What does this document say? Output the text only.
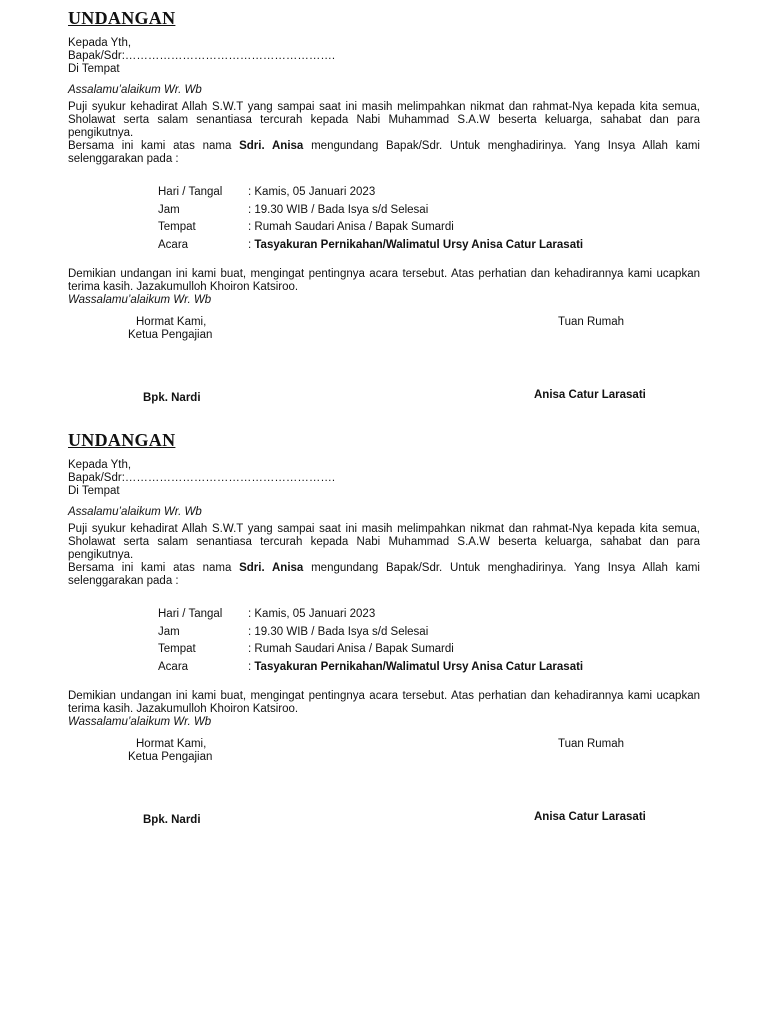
UNDANGAN
Kepada Yth,
Bapak/Sdr:……………………………………………….
Di Tempat
Assalamu’alaikum Wr. Wb

Puji syukur kehadirat Allah S.W.T yang sampai saat ini masih melimpahkan nikmat dan rahmat-Nya kepada kita semua, Sholawat serta salam senantiasa tercurah kepada Nabi Muhammad S.A.W beserta keluarga, sahabat dan para pengikutnya.

Bersama ini kami atas nama Sdri. Anisa mengundang Bapak/Sdr. Untuk menghadirinya. Yang Insya Allah kami selenggarakan pada :

Hari / Tangal : Kamis, 05 Januari 2023
Jam	: 19.30 WIB / Bada Isya s/d Selesai
Tempat	: Rumah Saudari Anisa / Bapak Sumardi
Acara	: Tasyakuran Pernikahan/Walimatul Ursy Anisa Catur Larasati
Demikian undangan ini kami buat, mengingat pentingnya acara tersebut. Atas perhatian dan kehadirannya kami ucapkan terima kasih. Jazakumulloh Khoiron Katsiroo.
Wassalamu’alaikum Wr. Wb
Hormat Kami,
Ketua Pengajian
Tuan Rumah
Bpk. Nardi	Anisa Catur Larasati
UNDANGAN
Kepada Yth,
Bapak/Sdr:……………………………………………….
Di Tempat
Assalamu’alaikum Wr. Wb

Puji syukur kehadirat Allah S.W.T yang sampai saat ini masih melimpahkan nikmat dan rahmat-Nya kepada kita semua, Sholawat serta salam senantiasa tercurah kepada Nabi Muhammad S.A.W beserta keluarga, sahabat dan para pengikutnya.

Bersama ini kami atas nama Sdri. Anisa mengundang Bapak/Sdr. Untuk menghadirinya. Yang Insya Allah kami selenggarakan pada :

Hari / Tangal : Kamis, 05 Januari 2023
Jam	: 19.30 WIB / Bada Isya s/d Selesai
Tempat	: Rumah Saudari Anisa / Bapak Sumardi
Acara	: Tasyakuran Pernikahan/Walimatul Ursy Anisa Catur Larasati
Demikian undangan ini kami buat, mengingat pentingnya acara tersebut. Atas perhatian dan kehadirannya kami ucapkan terima kasih. Jazakumulloh Khoiron Katsiroo.
Wassalamu’alaikum Wr. Wb
Hormat Kami,
Ketua Pengajian
Tuan Rumah
Bpk. Nardi	Anisa Catur Larasati
